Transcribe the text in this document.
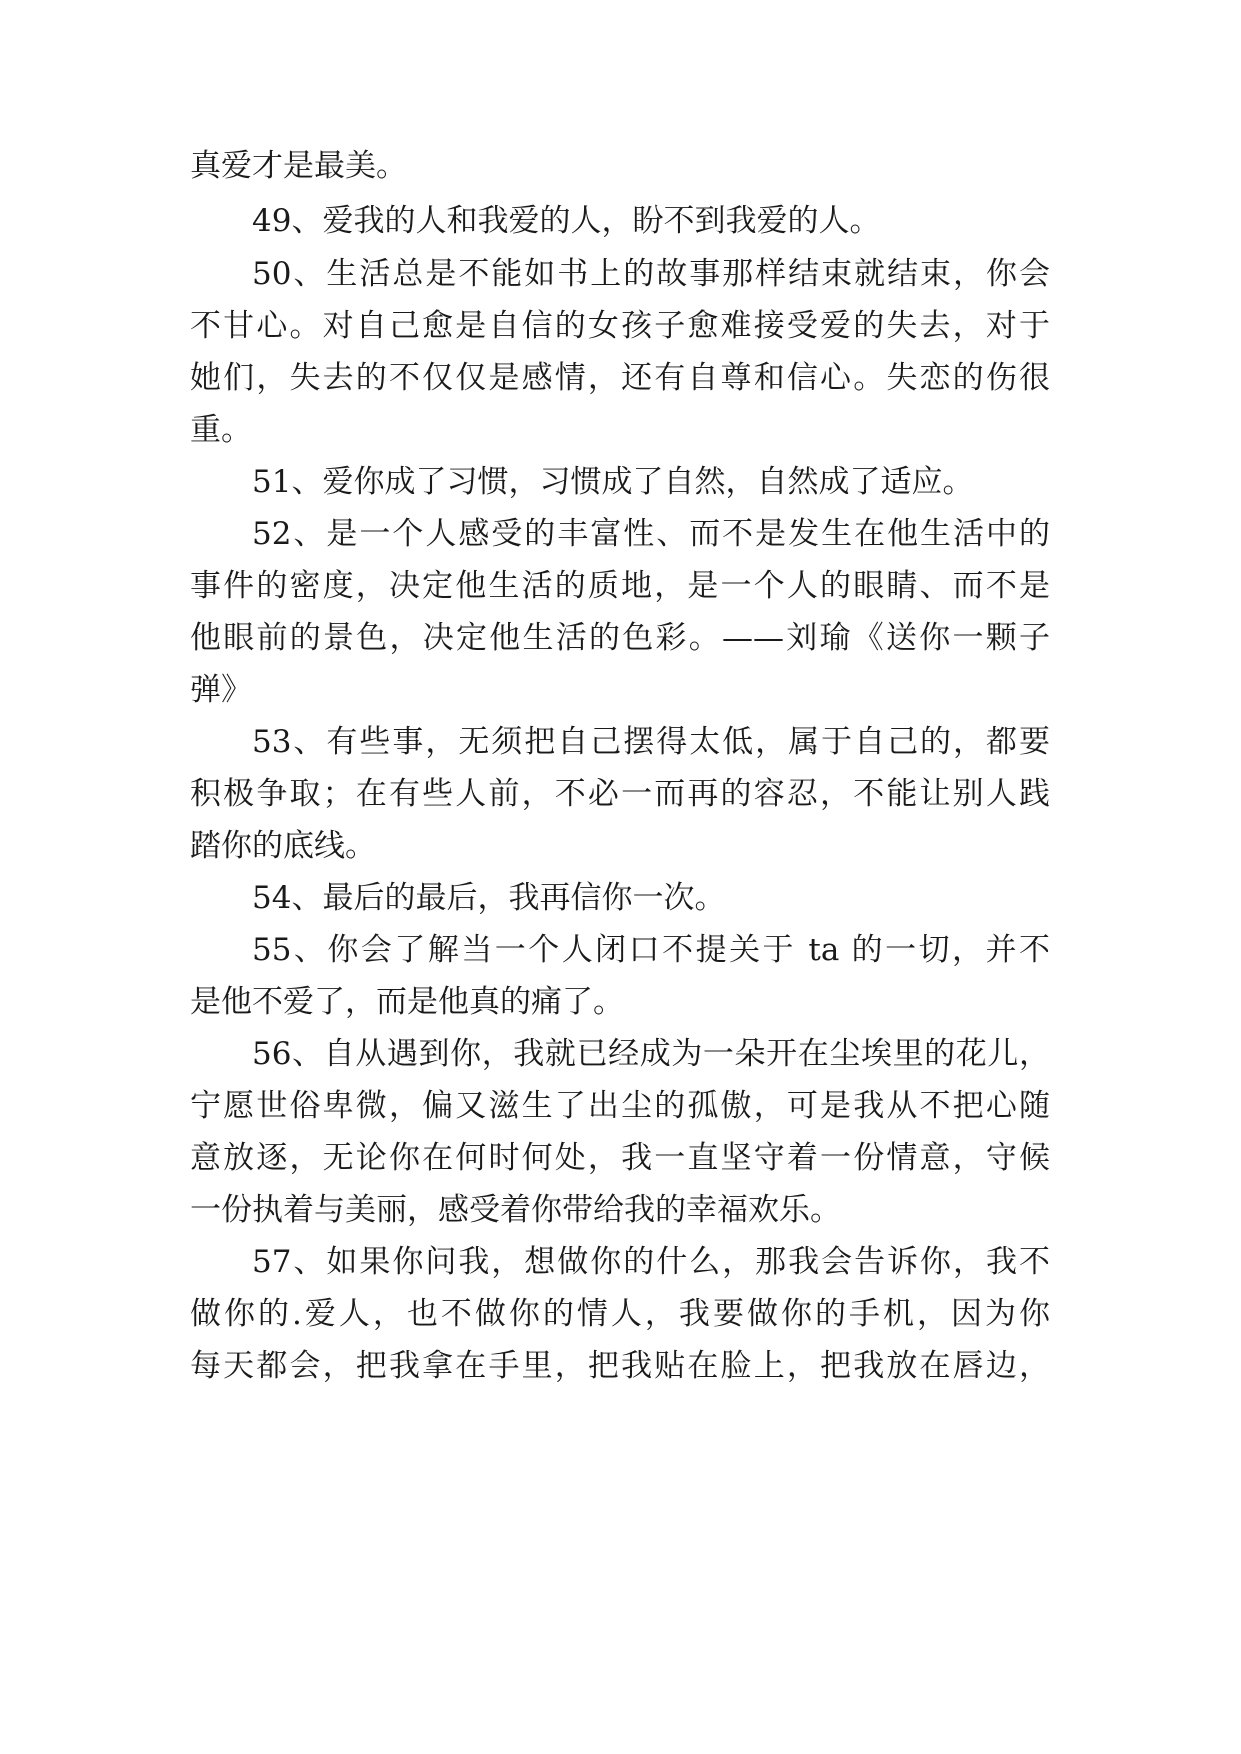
真爱才是最美。
49、爱我的人和我爱的人，盼不到我爱的人。
50、生活总是不能如书上的故事那样结束就结束，你会
不甘心。对自己愈是自信的女孩子愈难接受爱的失去，对于
她们，失去的不仅仅是感情，还有自尊和信心。失恋的伤很
重。
51、爱你成了习惯，习惯成了自然，自然成了适应。
52、是一个人感受的丰富性、而不是发生在他生活中的
事件的密度，决定他生活的质地，是一个人的眼睛、而不是
他眼前的景色，决定他生活的色彩。——刘瑜《送你一颗子
弹》
53、有些事，无须把自己摆得太低，属于自己的，都要
积极争取；在有些人前，不必一而再的容忍，不能让别人践
踏你的底线。
54、最后的最后，我再信你一次。
55、你会了解当一个人闭口不提关于 ta 的一切，并不
是他不爱了，而是他真的痛了。
56、自从遇到你，我就已经成为一朵开在尘埃里的花儿，
宁愿世俗卑微，偏又滋生了出尘的孤傲，可是我从不把心随
意放逐，无论你在何时何处，我一直坚守着一份情意，守候
一份执着与美丽，感受着你带给我的幸福欢乐。
57、如果你问我，想做你的什么，那我会告诉你，我不
做你的.爱人，也不做你的情人，我要做你的手机，因为你
每天都会，把我拿在手里，把我贴在脸上，把我放在唇边，
